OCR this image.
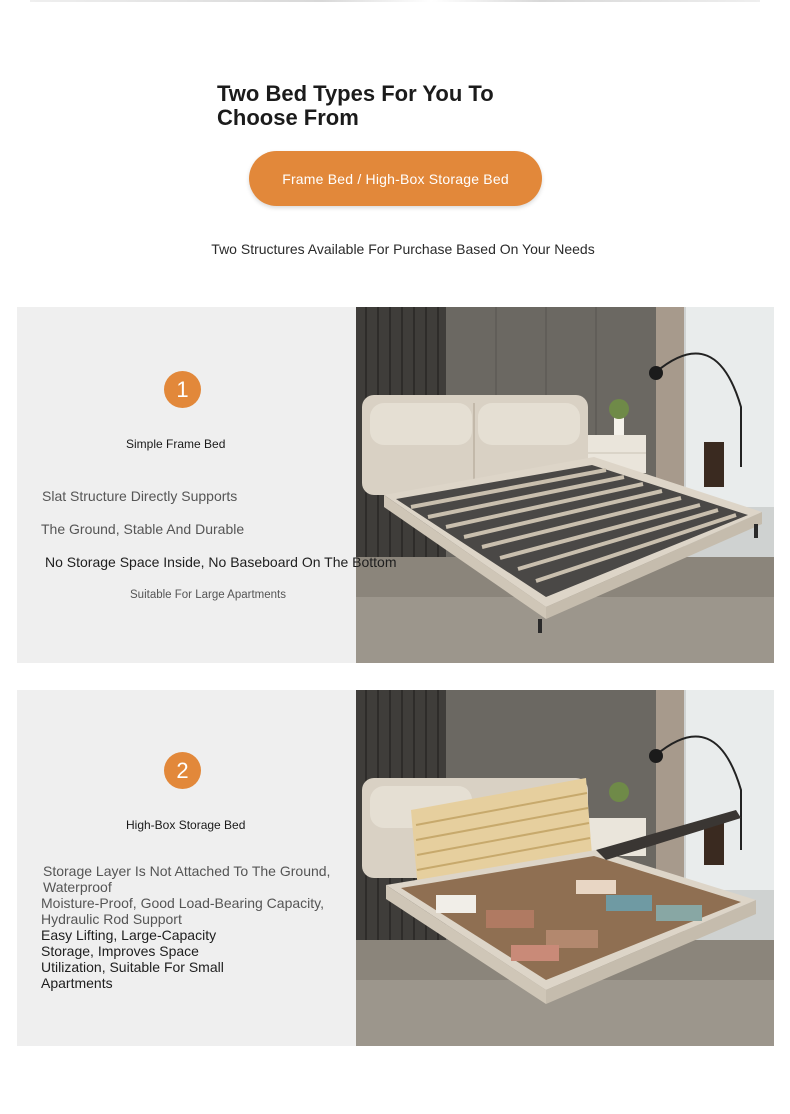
Two Bed Types For You To
Choose From
Frame Bed / High-Box Storage Bed
Two Structures Available For Purchase Based On Your Needs
1
Simple Frame Bed
Slat Structure Directly Supports
The Ground, Stable And Durable
No Storage Space Inside, No Baseboard On The Bottom
Suitable For Large Apartments
2
High-Box Storage Bed
Storage Layer Is Not Attached To The Ground,
Waterproof
Moisture-Proof, Good Load-Bearing Capacity,
Hydraulic Rod Support
Easy Lifting, Large-Capacity
Storage, Improves Space
Utilization, Suitable For Small
Apartments
